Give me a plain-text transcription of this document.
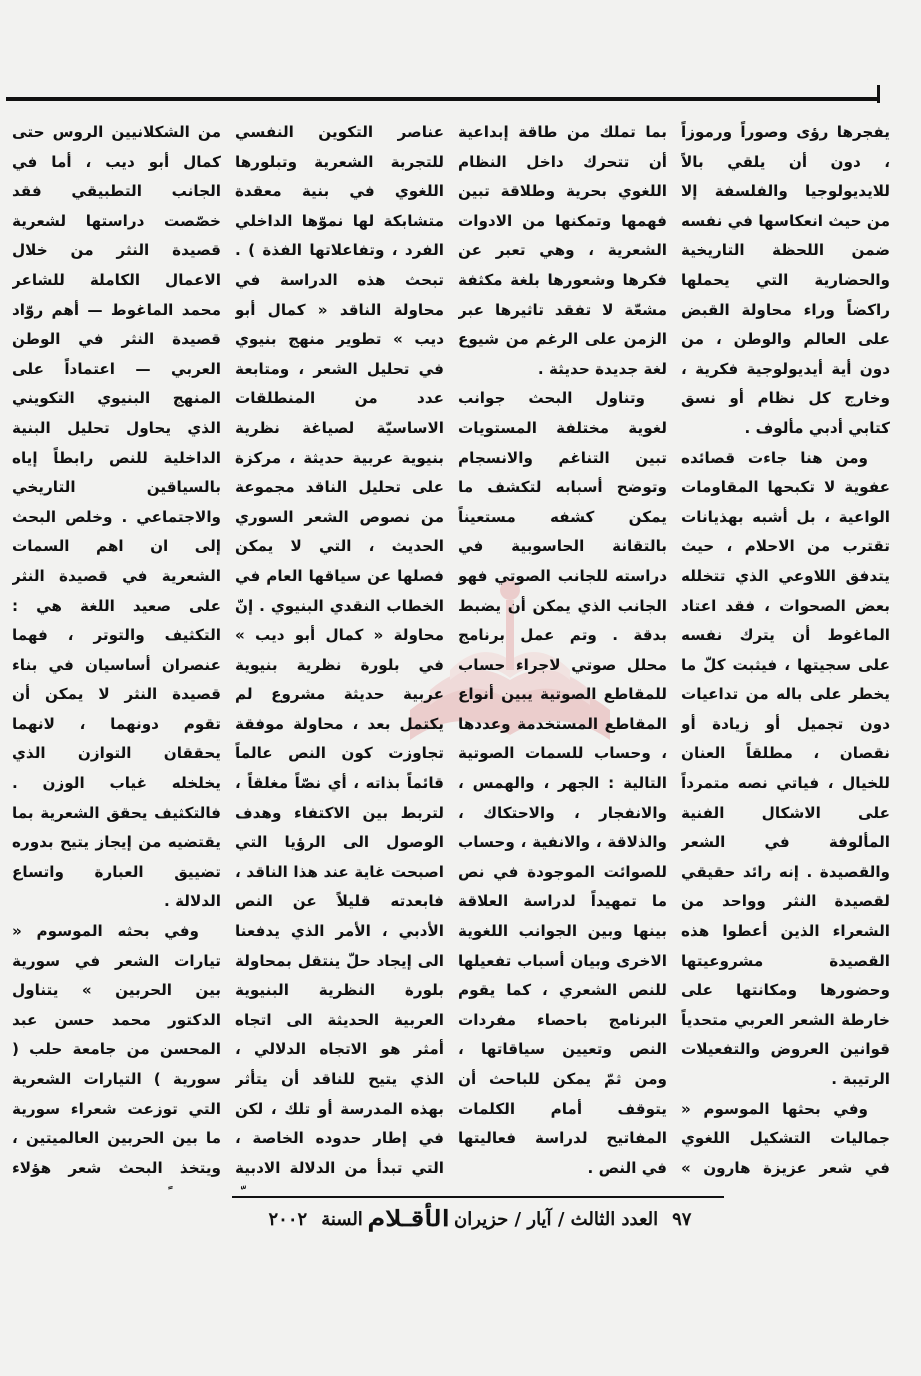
يفجرها رؤى وصوراً ورموزاً ، دون أن يلقي بالاً للايديولوجيا والفلسفة إلا من حيث انعكاسها في نفسه ضمن اللحظة التاريخية والحضارية التي يحملها راكضاً وراء محاولة القبض على العالم والوطن ، من دون أية أيديولوجية فكرية ، وخارج كل نظام أو نسق كتابي أدبي مألوف .

ومن هنا جاءت قصائده عفوية لا تكبحها المقاومات الواعية ، بل أشبه بهذيانات تقترب من الاحلام ، حيث يتدفق اللاوعي الذي تتخلله بعض الصحوات ، فقد اعتاد الماغوط أن يترك نفسه على سجيتها ، فيثبت كلّ ما يخطر على باله من تداعيات دون تجميل أو زيادة أو نقصان ، مطلقاً العنان للخيال ، فياتي نصه متمرداً على الاشكال الفنية المألوفة في الشعر والقصيدة . إنه رائد حقيقي لقصيدة النثر وواحد من الشعراء الذين أعطوا هذه القصيدة مشروعيتها وحضورها ومكانتها على خارطة الشعر العربي متحدياً قوانين العروض والتفعيلات الرتيبة .

وفي بحثها الموسوم « جماليات التشكيل اللغوي في شعر عزيزة هارون »

بما تملك من طاقة إبداعية أن تتحرك داخل النظام اللغوي بحرية وطلاقة تبين فهمها وتمكنها من الادوات الشعرية ، وهي تعبر عن فكرها وشعورها بلغة مكثفة مشعّة لا تفقد تاثيرها عبر الزمن على الرغم من شيوع لغة جديدة حديثة .

وتناول البحث جوانب لغوية مختلفة المستويات تبين التناغم والانسجام وتوضح أسبابه لتكشف ما يمكن كشفه مستعيناً بالتقانة الحاسوبية في دراسته للجانب الصوتي فهو الجانب الذي يمكن أن يضبط بدقة . وتم عمل برنامج محلل صوتي لاجراء حساب للمقاطع الصوتية يبين أنواع المقاطع المستخدمة وعددها ، وحساب للسمات الصوتية التالية : الجهر ، والهمس ، والانفجار ، والاحتكاك ، والذلاقة ، والانفية ، وحساب للصوائت الموجودة في نص ما تمهيداً لدراسة العلاقة بينها وبين الجوانب اللغوية الاخرى وبيان أسباب تفعيلها للنص الشعري ، كما يقوم البرنامج باحصاء مفردات النص وتعيين سياقاتها ، ومن ثمّ يمكن للباحث أن يتوقف أمام الكلمات المفاتيح لدراسة فعاليتها في النص .

عناصر التكوين النفسي للتجربة الشعرية وتبلورها اللغوي في بنية معقدة متشابكة لها نموّها الداخلي الفرد ، وتفاعلاتها الفذة ) . تبحث هذه الدراسة في محاولة الناقد « كمال أبو ديب » تطوير منهج بنيوي في تحليل الشعر ، ومتابعة عدد من المنطلقات الاساسيّة لصياغة نظرية بنيوية عربية حديثة ، مركزة على تحليل الناقد مجموعة من نصوص الشعر السوري الحديث ، التي لا يمكن فصلها عن سياقها العام في الخطاب النقدي البنيوي . إنّ محاولة « كمال أبو ديب » في بلورة نظرية بنيوية عربية حديثة مشروع لم يكتمل بعد ، محاولة موفقة تجاوزت كون النص عالماً قائماً بذاته ، أي نصّاً مغلقاً ، لتربط بين الاكتفاء وهدف الوصول الى الرؤيا التي اصبحت غاية عند هذا الناقد ، فابعدته قليلاً عن النص الأدبي ، الأمر الذي يدفعنا الى إيجاد حلّ ينتقل بمحاولة بلورة النظرية البنيوية العربية الحديثة الى اتجاه أمثر هو الاتجاه الدلالي ، الذي يتيح للناقد أن يتأثر بهذه المدرسة أو تلك ، لكن في إطار حدوده الخاصة ، التي تبدأ من الدلالة الادبية

من الشكلانيين الروس حتى كمال أبو ديب ، أما في الجانب التطبيقي فقد خصّصت دراستها لشعرية قصيدة النثر من خلال الاعمال الكاملة للشاعر محمد الماغوط — أهم روّاد قصيدة النثر في الوطن العربي — اعتماداً على المنهج البنيوي التكويني الذي يحاول تحليل البنية الداخلية للنص رابطاً إياه بالسياقين التاريخي والاجتماعي . وخلص البحث إلى ان اهم السمات الشعرية في قصيدة النثر على صعيد اللغة هي : التكثيف والتوتر ، فهما عنصران أساسيان في بناء قصيدة النثر لا يمكن أن تقوم دونهما ، لانهما يحققان التوازن الذي يخلخله غياب الوزن . فالتكثيف يحقق الشعرية بما يقتضيه من إيجاز يتيح بدوره تضييق العبارة واتساع الدلالة .

وفي بحثه الموسوم « تيارات الشعر في سورية بين الحربين » يتناول الدكتور محمد حسن عبد المحسن من جامعة حلب ( سورية ) التيارات الشعرية التي توزعت شعراء سورية ما بين الحربين العالميتين ، ويتخذ البحث شعر هؤلاء

٩٧
العدد الثالث / آيار / حزيران
الأقـلام
السنة
٢٠٠٢
